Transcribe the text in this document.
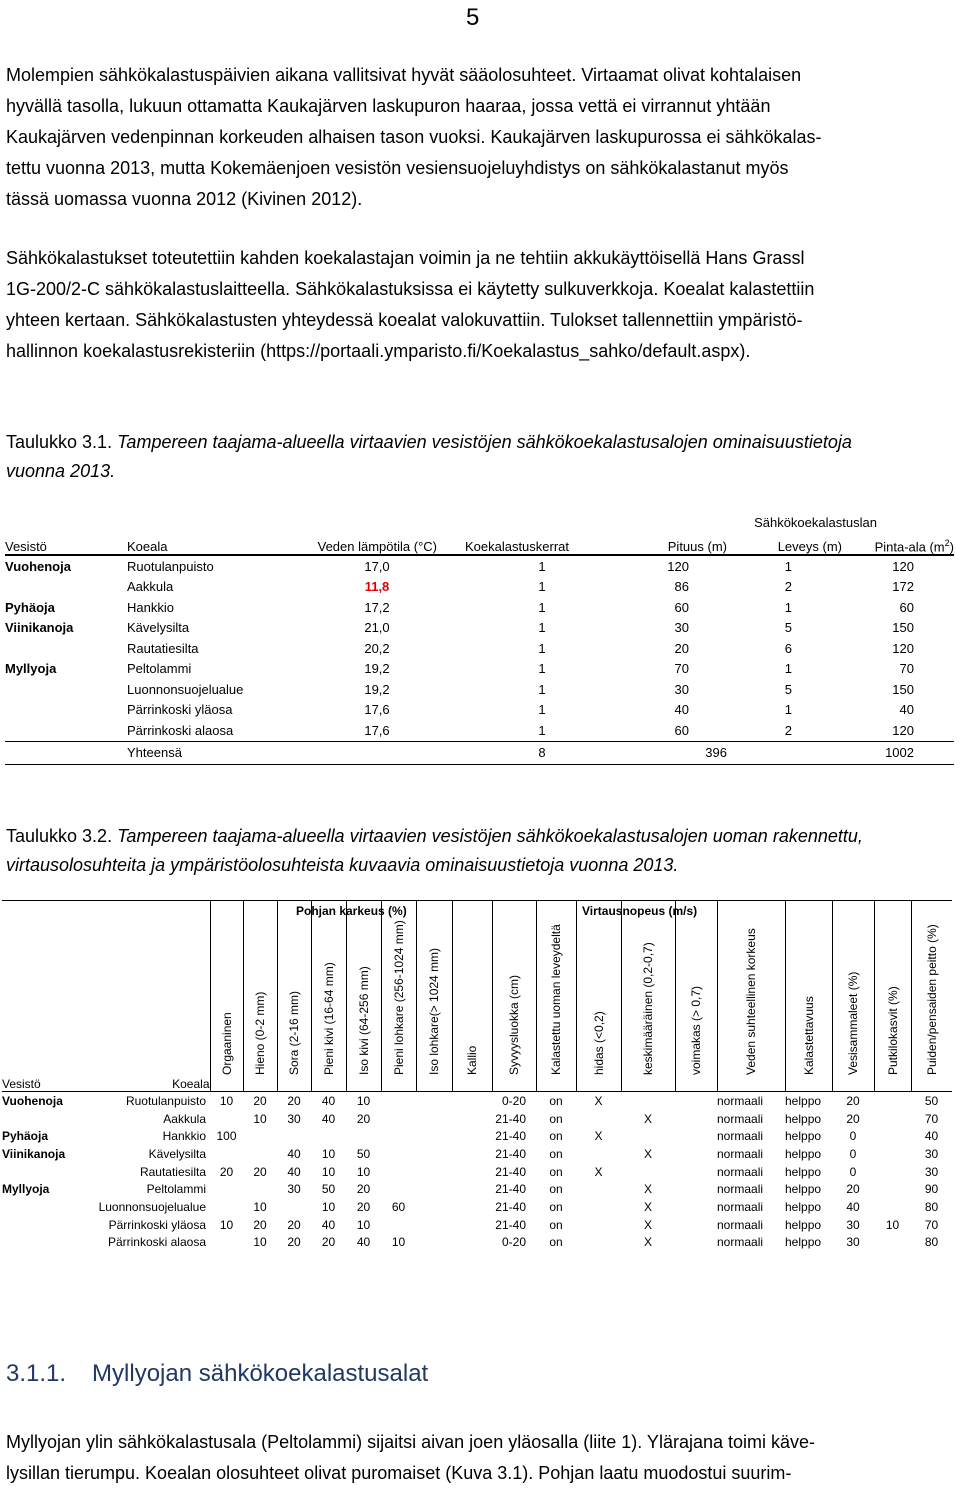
5

Molempien sähkökalastuspäivien aikana vallitsivat hyvät sääolosuhteet. Virtaamat olivat kohtalaisen

hyvällä tasolla, lukuun ottamatta Kaukajärven laskupuron haaraa, jossa vettä ei virrannut yhtään

Kaukajärven vedenpinnan korkeuden alhaisen tason vuoksi. Kaukajärven laskupurossa ei sähkökalas-

tettu vuonna 2013, mutta Kokemäenjoen vesistön vesiensuojeluyhdistys on sähkökalastanut myös

tässä uomassa vuonna 2012 (Kivinen 2012).

Sähkökalastukset toteutettiin kahden koekalastajan voimin ja ne tehtiin akkukäyttöisellä Hans Grassl

1G-200/2-C sähkökalastuslaitteella. Sähkökalastuksissa ei käytetty sulkuverkkoja. Koealat kalastettiin

yhteen kertaan. Sähkökalastusten yhteydessä koealat valokuvattiin. Tulokset tallennettiin ympäristö-

hallinnon koekalastusrekisteriin (https://portaali.ymparisto.fi/Koekalastus_sahko/default.aspx).

Taulukko 3.1. Tampereen taajama-alueella virtaavien vesistöjen sähkökoekalastusalojen ominaisuustietoja
vuonna 2013.
				Sähkökoekalastuslan		
Vesistö	Koeala	Veden lämpötila (°C)	Koekalastuskerrat	Pituus (m)	Leveys (m)	Pinta-ala $(m^2)$
Vuohenoja	Ruotulanpuisto	17,0	1	120	1	120
	Aakkula	11,8	1	86	2	172
Pyhäoja	Hankkio	17,2	1	60	1	60
Viinikanoja	Kävelysilta	21,0	1	30	5	150
	Rautatiesilta	20,2	1	20	6	120
Myllyoja	Peltolammi	19,2	1	70	1	70
	Luonnonsuojelualue	19,2	1	30	5	150
	Pärrinkoski yläosa	17,6	1	40	1	40
	Pärrinkoski alaosa	17,6	1	60	2	120
	Yhteensä		8	396		1002
Taulukko 3.2. Tampereen taajama-alueella virtaavien vesistöjen sähkökoekalastusalojen uoman rakennettu,
virtausolosuhteita ja ympäristöolosuhteista kuvaavia ominaisuustietoja vuonna 2013.
Pohjan karkeus (%)	Virtausnopeus (m/s)
Vesistö	Koeala	Orgaaninen	Hieno (0-2 mm)	Sora (2-16 mm)	Pieni kivi (16-64 mm)	Iso kivi (64-256 mm)	Pieni lohkare (256-1024 mm)	Iso lohkare(> 1024 mm)	Kallio	Syvyysluokka (cm)	Kalastettu uoman leveydeltä	hidas (<0,2)	keskimääräinen (0,2-0,7)	voimakas (> 0,7)	Veden suhteellinen korkeus	Kalastettavuus	Vesisammaleet (%)	Putkilokasvit (%)	Puiden/pensaiden peitto (%)

Vuohenoja	Ruotulanpuisto	10	20	20	40	10				0-20	on	X			normaali	helppo	20		50
	Aakkula		10	30	40	20				21-40	on		X		normaali	helppo	20		70
Pyhäoja	Hankkio	100								21-40	on	X			normaali	helppo	0		40
Viinikanoja	Kävelysilta			40	10	50				21-40	on		X		normaali	helppo	0		30
	Rautatiesilta	20	20	40	10	10				21-40	on	X			normaali	helppo	0		30
Myllyoja	Peltolammi			30	50	20				21-40	on		X		normaali	helppo	20		90
	Luonnonsuojelualue		10		10	20	60			21-40	on		X		normaali	helppo	40		80
	Pärrinkoski yläosa	10	20	20	40	10				21-40	on		X		normaali	helppo	30	10	70
	Pärrinkoski alaosa		10	20	20	40	10			0-20	on		X		normaali	helppo	30		80
3.1.1. Myllyojan sähkökoekalastusalat

Myllyojan ylin sähkökalastusala (Peltolammi) sijaitsi aivan joen yläosalla (liite 1). Ylärajana toimi käve-

lysillan tierumpu. Koealan olosuhteet olivat puromaiset (Kuva 3.1). Pohjan laatu muodostui suurim-
